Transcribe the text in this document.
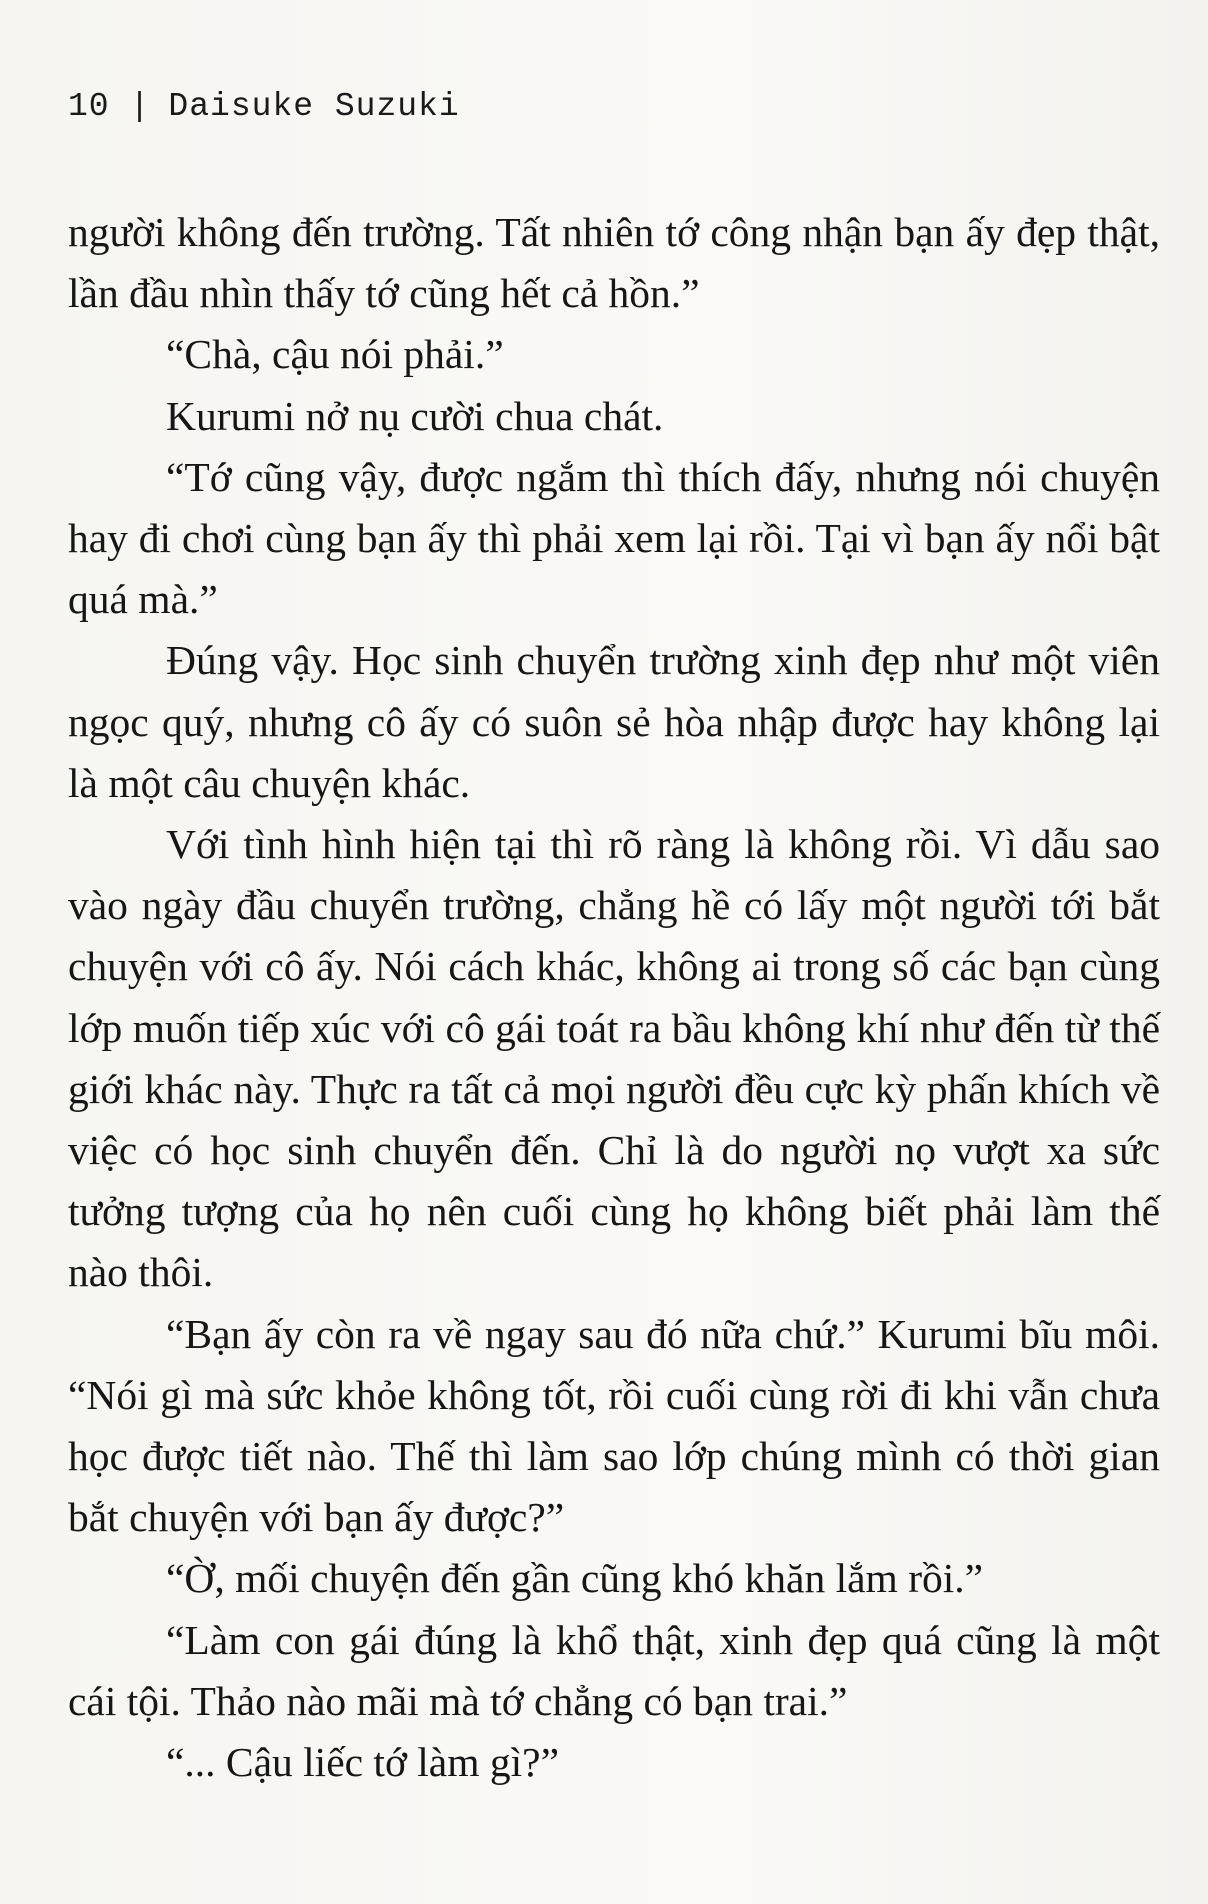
10 | Daisuke Suzuki

người không đến trường. Tất nhiên tớ công nhận bạn ấy đẹp thật, lần đầu nhìn thấy tớ cũng hết cả hồn.”

“Chà, cậu nói phải.”

Kurumi nở nụ cười chua chát.

“Tớ cũng vậy, được ngắm thì thích đấy, nhưng nói chuyện hay đi chơi cùng bạn ấy thì phải xem lại rồi. Tại vì bạn ấy nổi bật quá mà.”

Đúng vậy. Học sinh chuyển trường xinh đẹp như một viên ngọc quý, nhưng cô ấy có suôn sẻ hòa nhập được hay không lại là một câu chuyện khác.

Với tình hình hiện tại thì rõ ràng là không rồi. Vì dẫu sao vào ngày đầu chuyển trường, chẳng hề có lấy một người tới bắt chuyện với cô ấy. Nói cách khác, không ai trong số các bạn cùng lớp muốn tiếp xúc với cô gái toát ra bầu không khí như đến từ thế giới khác này. Thực ra tất cả mọi người đều cực kỳ phấn khích về việc có học sinh chuyển đến. Chỉ là do người nọ vượt xa sức tưởng tượng của họ nên cuối cùng họ không biết phải làm thế nào thôi.

“Bạn ấy còn ra về ngay sau đó nữa chứ.” Kurumi bĩu môi. “Nói gì mà sức khỏe không tốt, rồi cuối cùng rời đi khi vẫn chưa học được tiết nào. Thế thì làm sao lớp chúng mình có thời gian bắt chuyện với bạn ấy được?”

“Ờ, mối chuyện đến gần cũng khó khăn lắm rồi.”

“Làm con gái đúng là khổ thật, xinh đẹp quá cũng là một cái tội. Thảo nào mãi mà tớ chẳng có bạn trai.”

“... Cậu liếc tớ làm gì?”
